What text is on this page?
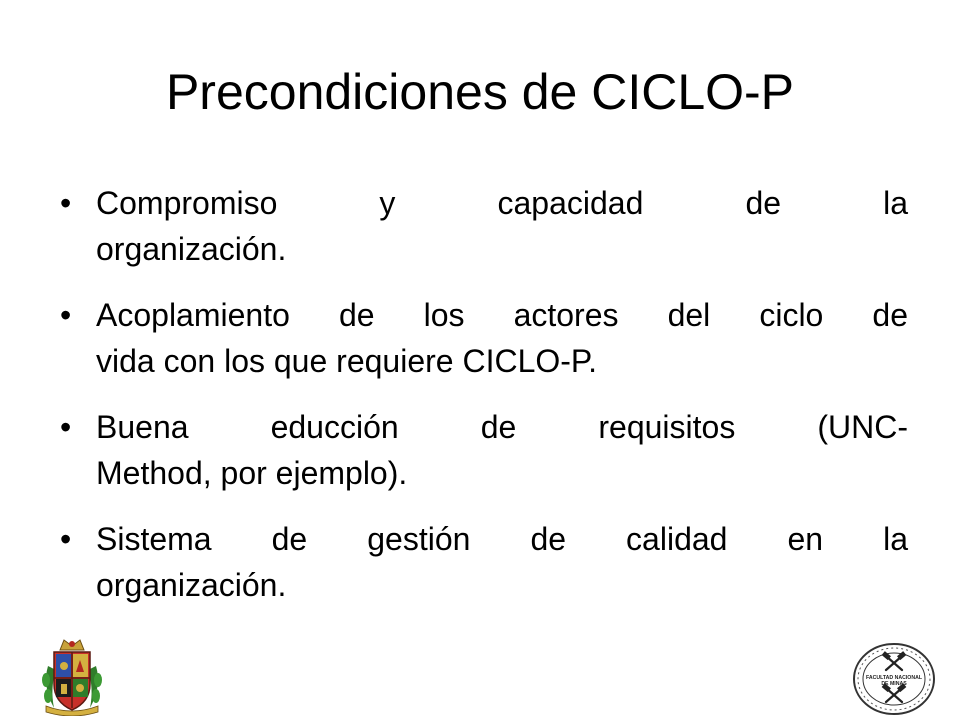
Precondiciones de CICLO-P
• Compromiso y capacidad de la
organización.
• Acoplamiento de los actores del ciclo de
vida con los que requiere CICLO-P.
• Buena educción de requisitos (UNC-
Method, por ejemplo).
• Sistema de gestión de calidad en la
organización.
FACULTAD NACIONAL
DE MINAS
